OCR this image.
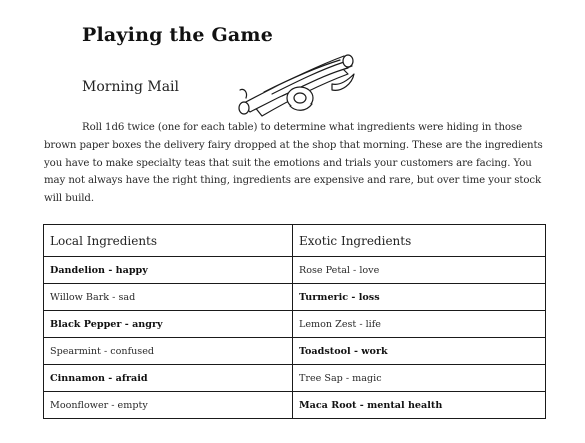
Playing the Game
Morning Mail

Roll 1d6 twice (one for each table) to determine what ingredients were hiding in those brown paper boxes the delivery fairy dropped at the shop that morning. These are the ingredients you have to make specialty teas that suit the emotions and trials your customers are facing. You may not always have the right thing, ingredients are expensive and rare, but over time your stock will build.

Local Ingredients	Exotic Ingredients
Dandelion - happy	Rose Petal - love
Willow Bark - sad	Turmeric - loss
Black Pepper - angry	Lemon Zest - life
Spearmint - confused	Toadstool - work
Cinnamon - afraid	Tree Sap - magic
Moonflower - empty	Maca Root - mental health
